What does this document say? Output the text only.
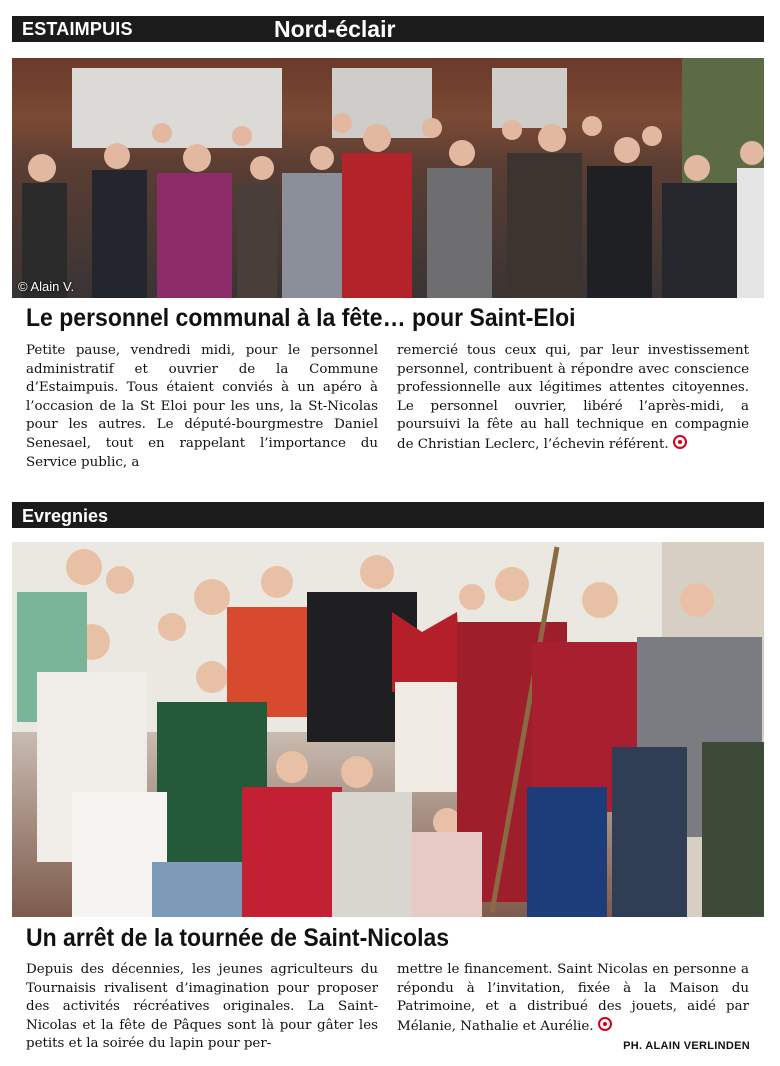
ESTAIMPUIS	Nord-éclair
© Alain V.
Le personnel communal à la fête… pour Saint-Eloi
Petite pause, vendredi midi, pour le personnel administratif et ouvrier de la Commune d’Estaimpuis. Tous étaient conviés à un apéro à l’occasion de la St Eloi pour les uns, la St-Nicolas pour les autres. Le député-bourgmestre Daniel Senesael, tout en rappelant l’importance du Service public, a
remercié tous ceux qui, par leur investissement personnel, contribuent à répondre avec conscience professionnelle aux légitimes attentes citoyennes. Le personnel ouvrier, libéré l’après-midi, a poursuivi la fête au hall technique en compagnie de Christian Leclerc, l’échevin référent.
Evregnies
Un arrêt de la tournée de Saint-Nicolas
Depuis des décennies, les jeunes agriculteurs du Tournaisis rivalisent d’imagination pour proposer des activités récréatives originales. La Saint-Nicolas et la fête de Pâques sont là pour gâter les petits et la soirée du lapin pour per-
mettre le financement. Saint Nicolas en personne a répondu à l’invitation, fixée à la Maison du Patrimoine, et a distribué des jouets, aidé par Mélanie, Nathalie et Aurélie.
PH. ALAIN VERLINDEN
